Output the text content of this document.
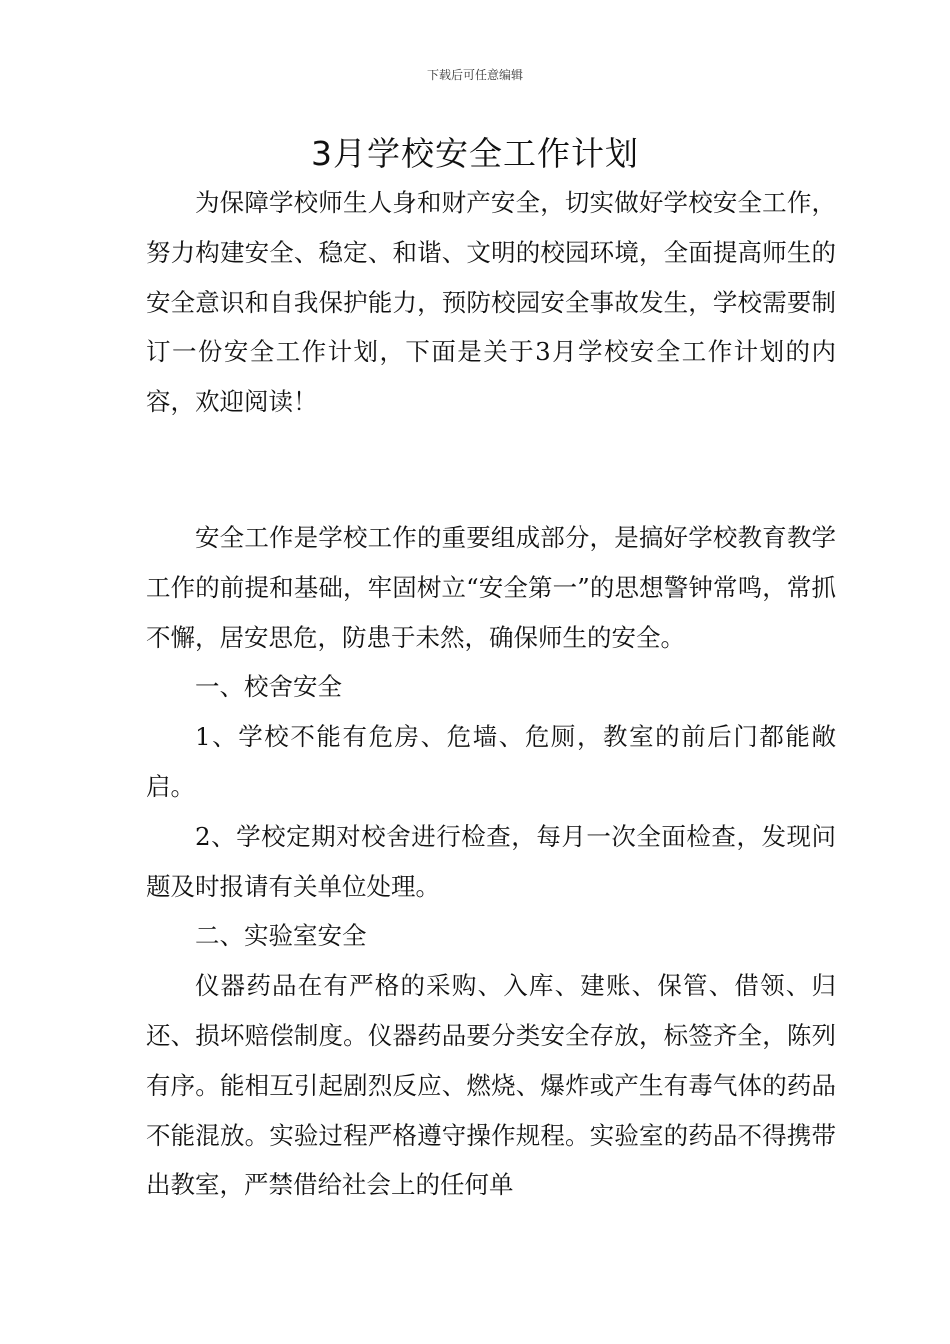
下载后可任意编辑
3月学校安全工作计划

为保障学校师生人身和财产安全，切实做好学校安全工作，努力构建安全、稳定、和谐、文明的校园环境，全面提高师生的安全意识和自我保护能力，预防校园安全事故发生，学校需要制订一份安全工作计划，下面是关于3月学校安全工作计划的内容，欢迎阅读！

安全工作是学校工作的重要组成部分，是搞好学校教育教学工作的前提和基础，牢固树立“安全第一”的思想警钟常鸣，常抓不懈，居安思危，防患于未然，确保师生的安全。

一、校舍安全

1、学校不能有危房、危墙、危厕，教室的前后门都能敞启。

2、学校定期对校舍进行检查，每月一次全面检查，发现问题及时报请有关单位处理。

二、实验室安全

仪器药品在有严格的采购、入库、建账、保管、借领、归还、损坏赔偿制度。仪器药品要分类安全存放，标签齐全，陈列有序。能相互引起剧烈反应、燃烧、爆炸或产生有毒气体的药品不能混放。实验过程严格遵守操作规程。实验室的药品不得携带出教室，严禁借给社会上的任何单
